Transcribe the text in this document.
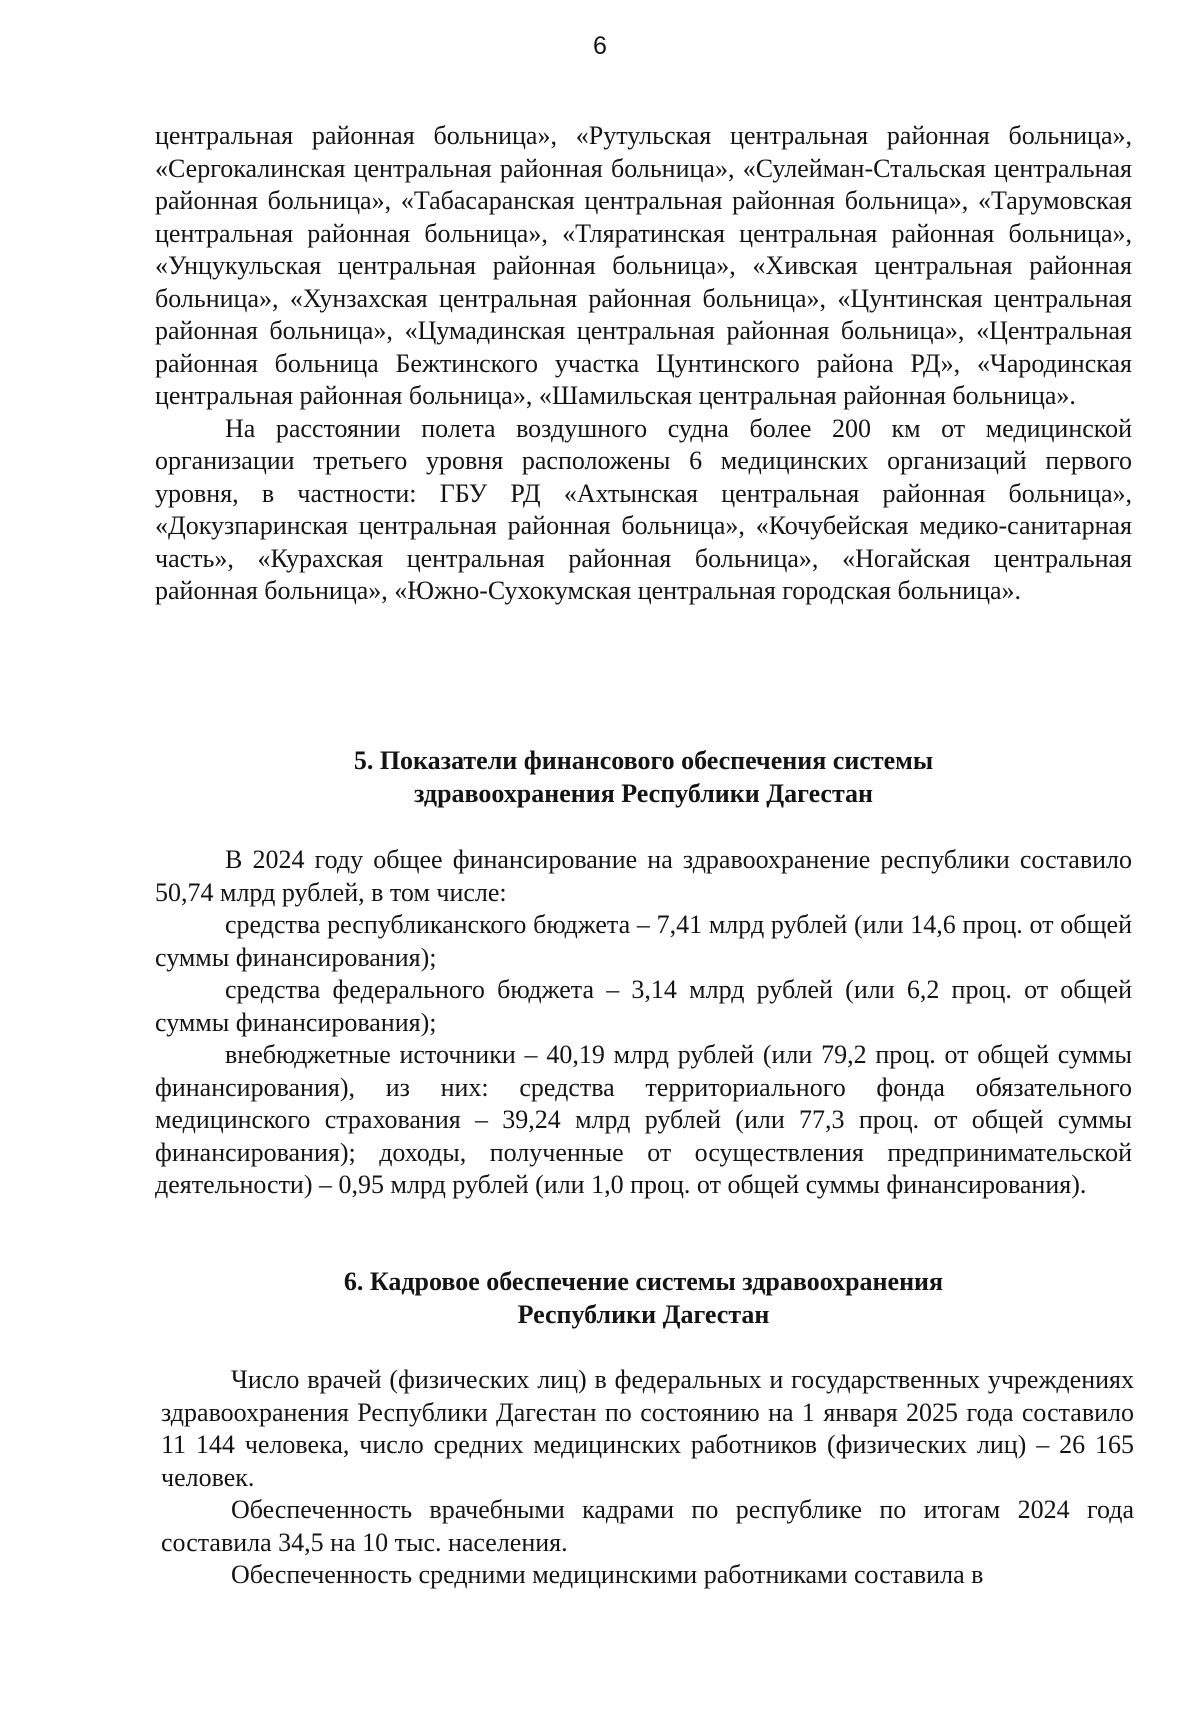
6

центральная районная больница», «Рутульская центральная районная больница», «Сергокалинская центральная районная больница», «Сулейман-Стальская центральная районная больница», «Табасаранская центральная районная больница», «Тарумовская центральная районная больница», «Тляратинская центральная районная больница», «Унцукульская центральная районная больница», «Хивская центральная районная больница», «Хунзахская центральная районная больница», «Цунтинская центральная районная больница», «Цумадинская центральная районная больница», «Центральная районная больница Бежтинского участка Цунтинского района РД», «Чародинская центральная районная больница», «Шамильская центральная районная больница».

На расстоянии полета воздушного судна более 200 км от медицинской организации третьего уровня расположены 6 медицинских организаций первого уровня, в частности: ГБУ РД «Ахтынская центральная районная больница», «Докузпаринская центральная районная больница», «Кочубейская медико-санитарная часть», «Курахская центральная районная больница», «Ногайская центральная районная больница», «Южно-Сухокумская центральная городская больница».

5. Показатели финансового обеспечения системы
здравоохранения Республики Дагестан

В 2024 году общее финансирование на здравоохранение республики составило 50,74 млрд рублей, в том числе:

средства республиканского бюджета – 7,41 млрд рублей (или 14,6 проц. от общей суммы финансирования);

средства федерального бюджета – 3,14 млрд рублей (или 6,2 проц. от общей суммы финансирования);

внебюджетные источники – 40,19 млрд рублей (или 79,2 проц. от общей суммы финансирования), из них: средства территориального фонда обязательного медицинского страхования – 39,24 млрд рублей (или 77,3 проц. от общей суммы финансирования); доходы, полученные от осуществления предпринимательской деятельности) – 0,95 млрд рублей (или 1,0 проц. от общей суммы финансирования).

6. Кадровое обеспечение системы здравоохранения
Республики Дагестан

Число врачей (физических лиц) в федеральных и государственных учреждениях здравоохранения Республики Дагестан по состоянию на 1 января 2025 года составило 11 144 человека, число средних медицинских работников (физических лиц) – 26 165 человек.

Обеспеченность врачебными кадрами по республике по итогам 2024 года составила 34,5 на 10 тыс. населения.

Обеспеченность средними медицинскими работниками составила в
